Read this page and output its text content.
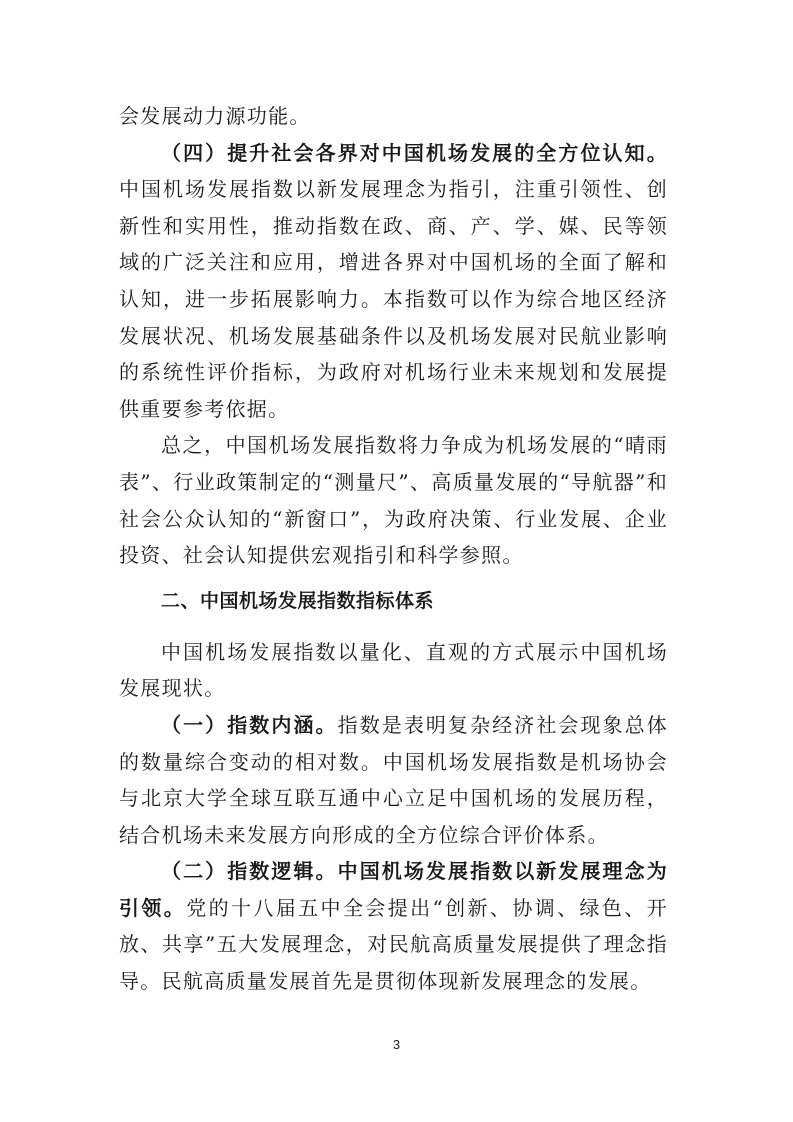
会发展动力源功能。

（四）提升社会各界对中国机场发展的全方位认知。中国机场发展指数以新发展理念为指引，注重引领性、创新性和实用性，推动指数在政、商、产、学、媒、民等领域的广泛关注和应用，增进各界对中国机场的全面了解和认知，进一步拓展影响力。本指数可以作为综合地区经济发展状况、机场发展基础条件以及机场发展对民航业影响的系统性评价指标，为政府对机场行业未来规划和发展提供重要参考依据。

总之，中国机场发展指数将力争成为机场发展的“晴雨表”、行业政策制定的“测量尺”、高质量发展的“导航器”和社会公众认知的“新窗口”，为政府决策、行业发展、企业投资、社会认知提供宏观指引和科学参照。

二、中国机场发展指数指标体系

中国机场发展指数以量化、直观的方式展示中国机场发展现状。

（一）指数内涵。指数是表明复杂经济社会现象总体的数量综合变动的相对数。中国机场发展指数是机场协会与北京大学全球互联互通中心立足中国机场的发展历程，结合机场未来发展方向形成的全方位综合评价体系。

（二）指数逻辑。中国机场发展指数以新发展理念为引领。党的十八届五中全会提出“创新、协调、绿色、开放、共享”五大发展理念，对民航高质量发展提供了理念指导。民航高质量发展首先是贯彻体现新发展理念的发展。

3
